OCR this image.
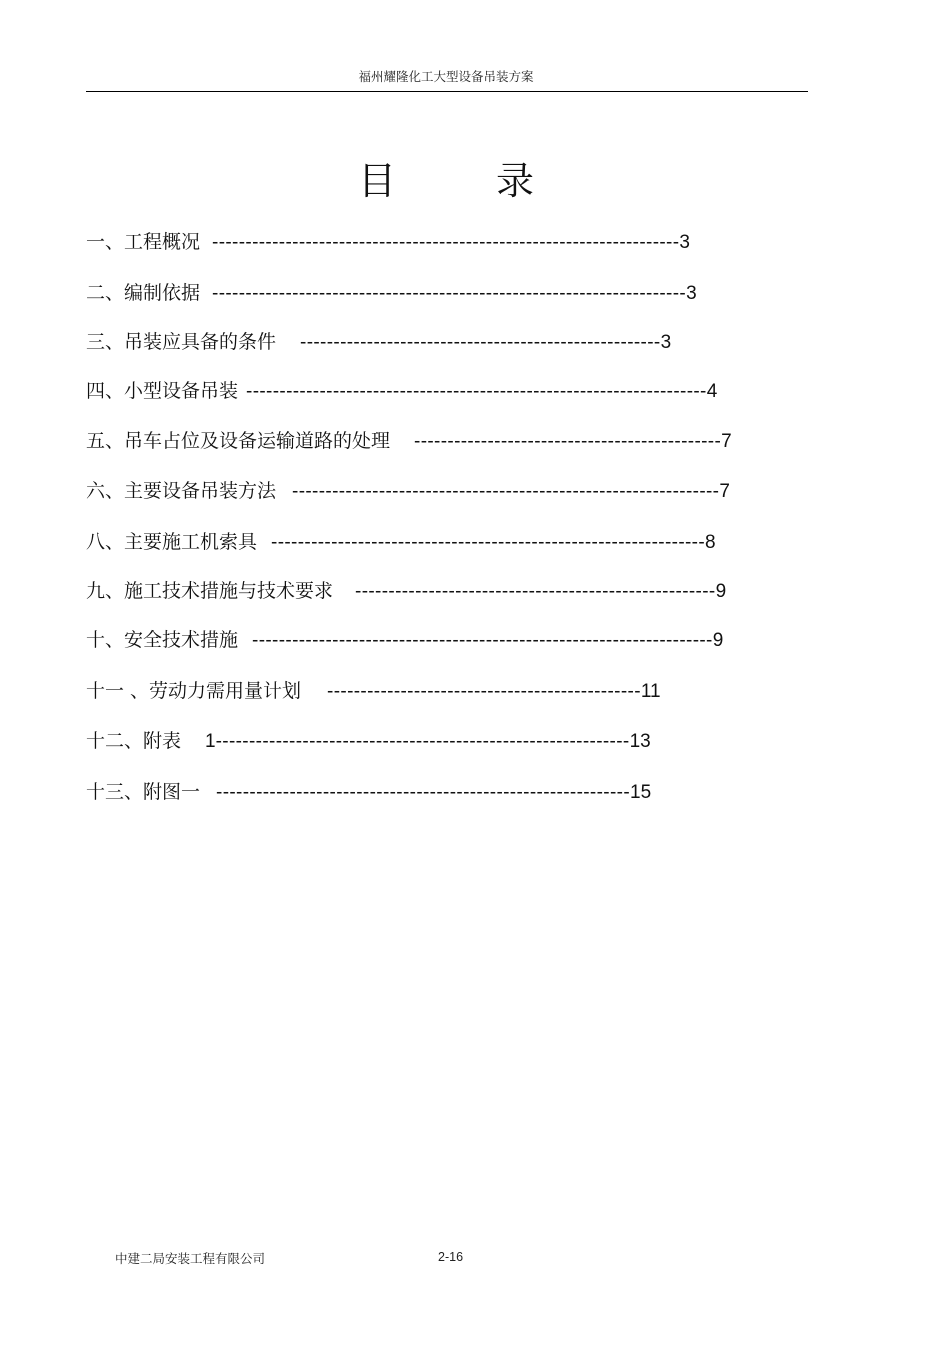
福州耀隆化工大型设备吊装方案
目录
一、工程概况 ----------------------------------------------------------------------3
二、编制依据 -----------------------------------------------------------------------3
三、吊装应具备的条件 ------------------------------------------------------3
四、小型设备吊装 ---------------------------------------------------------------------4
五、吊车占位及设备运输道路的处理 ----------------------------------------------7
六、主要设备吊装方法 ----------------------------------------------------------------7
八、主要施工机索具 -----------------------------------------------------------------8
九、施工技术措施与技术要求 ------------------------------------------------------9
十、安全技术措施 ---------------------------------------------------------------------9
十一 、劳动力需用量计划 -----------------------------------------------11
十二、附表 1--------------------------------------------------------------13
十三、附图一 --------------------------------------------------------------15
中建二局安装工程有限公司	2-16
